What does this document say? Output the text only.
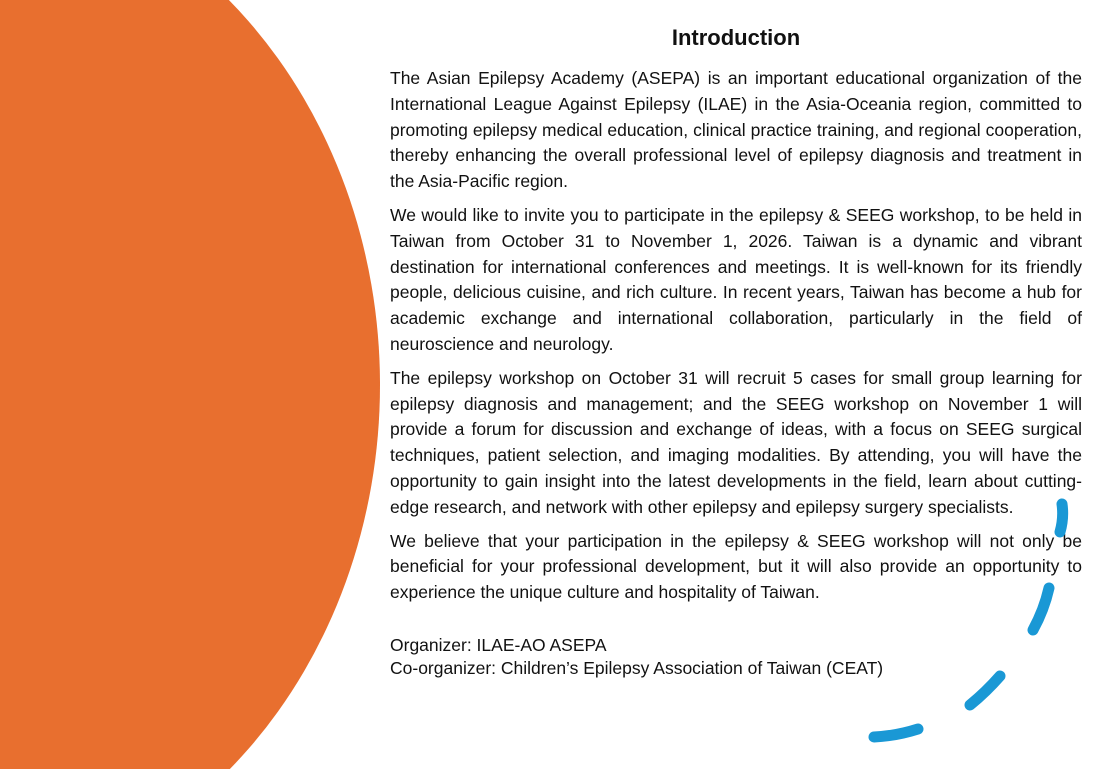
Introduction

The Asian Epilepsy Academy (ASEPA) is an important educational organization of the International League Against Epilepsy (ILAE) in the Asia-Oceania region, committed to promoting epilepsy medical education, clinical practice training, and regional cooperation, thereby enhancing the overall professional level of epilepsy diagnosis and treatment in the Asia-Pacific region.

We would like to invite you to participate in the epilepsy & SEEG workshop, to be held in Taiwan from October 31 to November 1, 2026. Taiwan is a dynamic and vibrant destination for international conferences and meetings. It is well-known for its friendly people, delicious cuisine, and rich culture. In recent years, Taiwan has become a hub for academic exchange and international collaboration, particularly in the field of neuroscience and neurology.

The epilepsy workshop on October 31 will recruit 5 cases for small group learning for epilepsy diagnosis and management; and the SEEG workshop on November 1 will provide a forum for discussion and exchange of ideas, with a focus on SEEG surgical techniques, patient selection, and imaging modalities. By attending, you will have the opportunity to gain insight into the latest developments in the field, learn about cutting-edge research, and network with other epilepsy and epilepsy surgery specialists.

We believe that your participation in the epilepsy & SEEG workshop will not only be beneficial for your professional development, but it will also provide an opportunity to experience the unique culture and hospitality of Taiwan.

Organizer: ILAE-AO ASEPA
Co-organizer: Children’s Epilepsy Association of Taiwan (CEAT)
